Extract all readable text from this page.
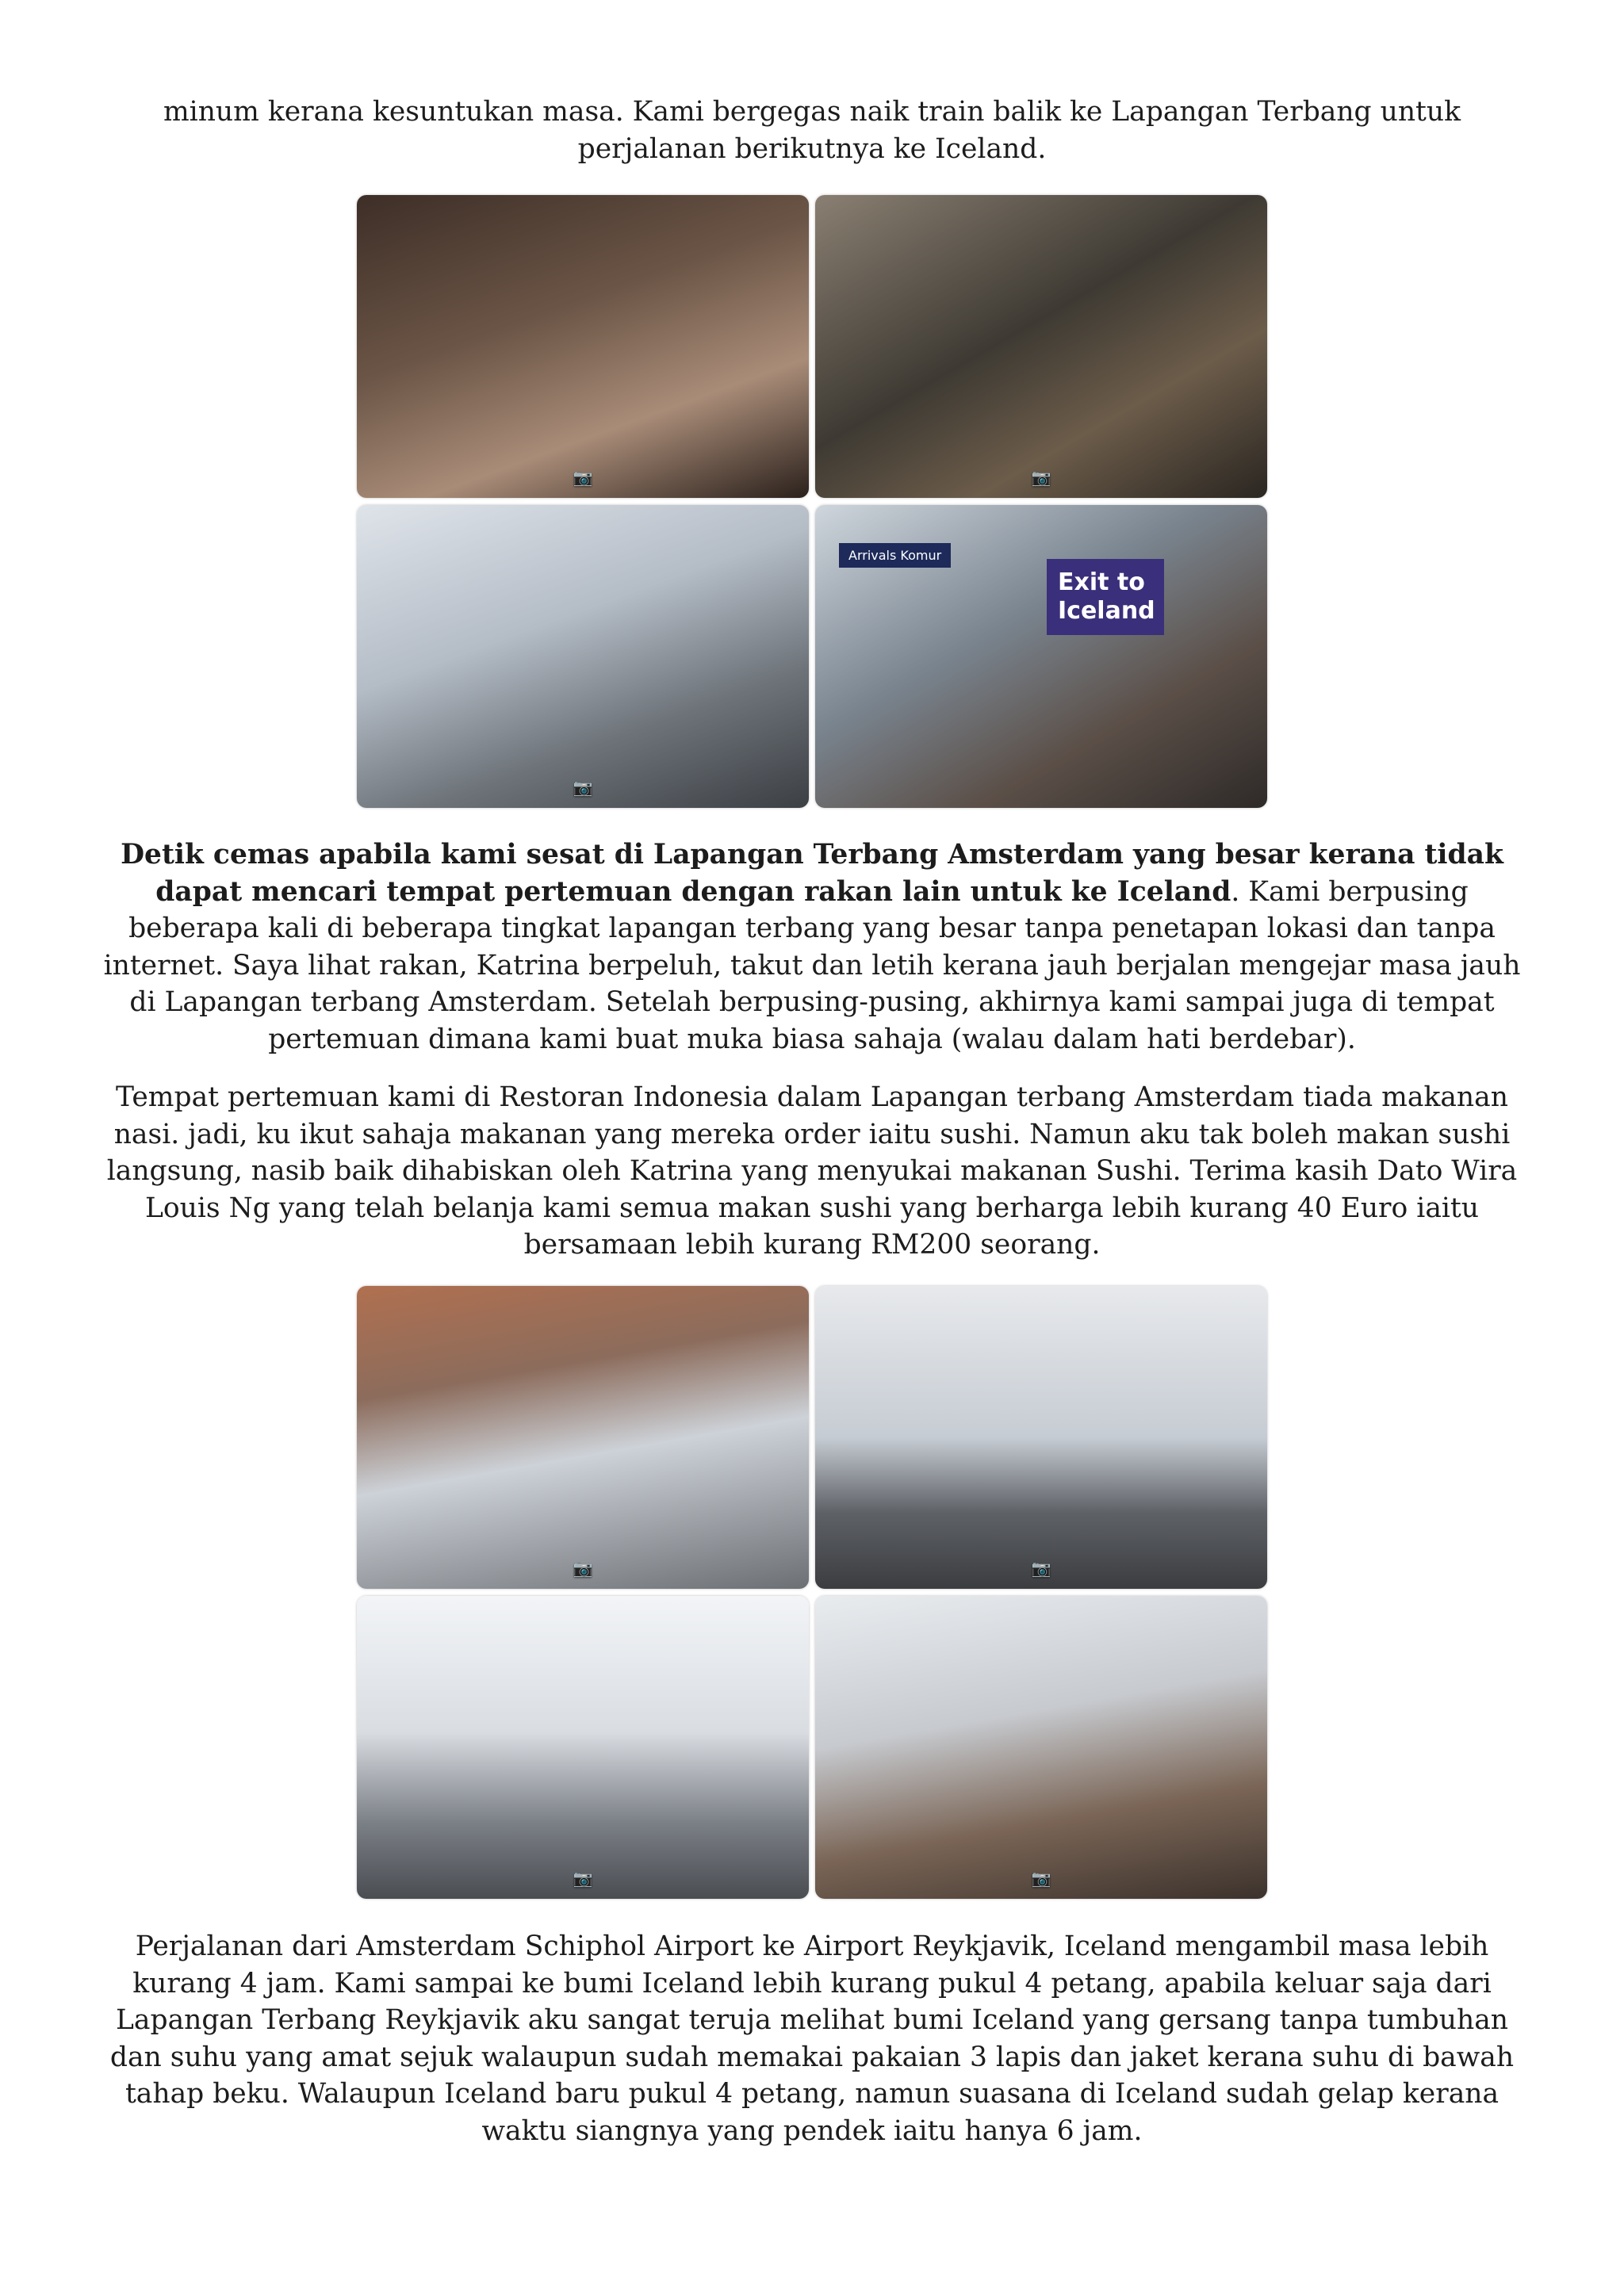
minum kerana kesuntukan masa. Kami bergegas naik train balik ke Lapangan Terbang untuk perjalanan berikutnya ke Iceland.

📷	📷
📷
Arrivals Komur
Exit to Iceland

Detik cemas apabila kami sesat di Lapangan Terbang Amsterdam yang besar kerana tidak dapat mencari tempat pertemuan dengan rakan lain untuk ke Iceland. Kami berpusing beberapa kali di beberapa tingkat lapangan terbang yang besar tanpa penetapan lokasi dan tanpa internet. Saya lihat rakan, Katrina berpeluh, takut dan letih kerana jauh berjalan mengejar masa jauh di Lapangan terbang Amsterdam. Setelah berpusing-pusing, akhirnya kami sampai juga di tempat pertemuan dimana kami buat muka biasa sahaja (walau dalam hati berdebar).

Tempat pertemuan kami di Restoran Indonesia dalam Lapangan terbang Amsterdam tiada makanan nasi. jadi, ku ikut sahaja makanan yang mereka order iaitu sushi. Namun aku tak boleh makan sushi langsung, nasib baik dihabiskan oleh Katrina yang menyukai makanan Sushi. Terima kasih Dato Wira Louis Ng yang telah belanja kami semua makan sushi yang berharga lebih kurang 40 Euro iaitu bersamaan lebih kurang RM200 seorang.

📷	📷
📷	📷

Perjalanan dari Amsterdam Schiphol Airport ke Airport Reykjavik, Iceland mengambil masa lebih kurang 4 jam. Kami sampai ke bumi Iceland lebih kurang pukul 4 petang, apabila keluar saja dari Lapangan Terbang Reykjavik aku sangat teruja melihat bumi Iceland yang gersang tanpa tumbuhan dan suhu yang amat sejuk walaupun sudah memakai pakaian 3 lapis dan jaket kerana suhu di bawah tahap beku. Walaupun Iceland baru pukul 4 petang, namun suasana di Iceland sudah gelap kerana waktu siangnya yang pendek iaitu hanya 6 jam.
